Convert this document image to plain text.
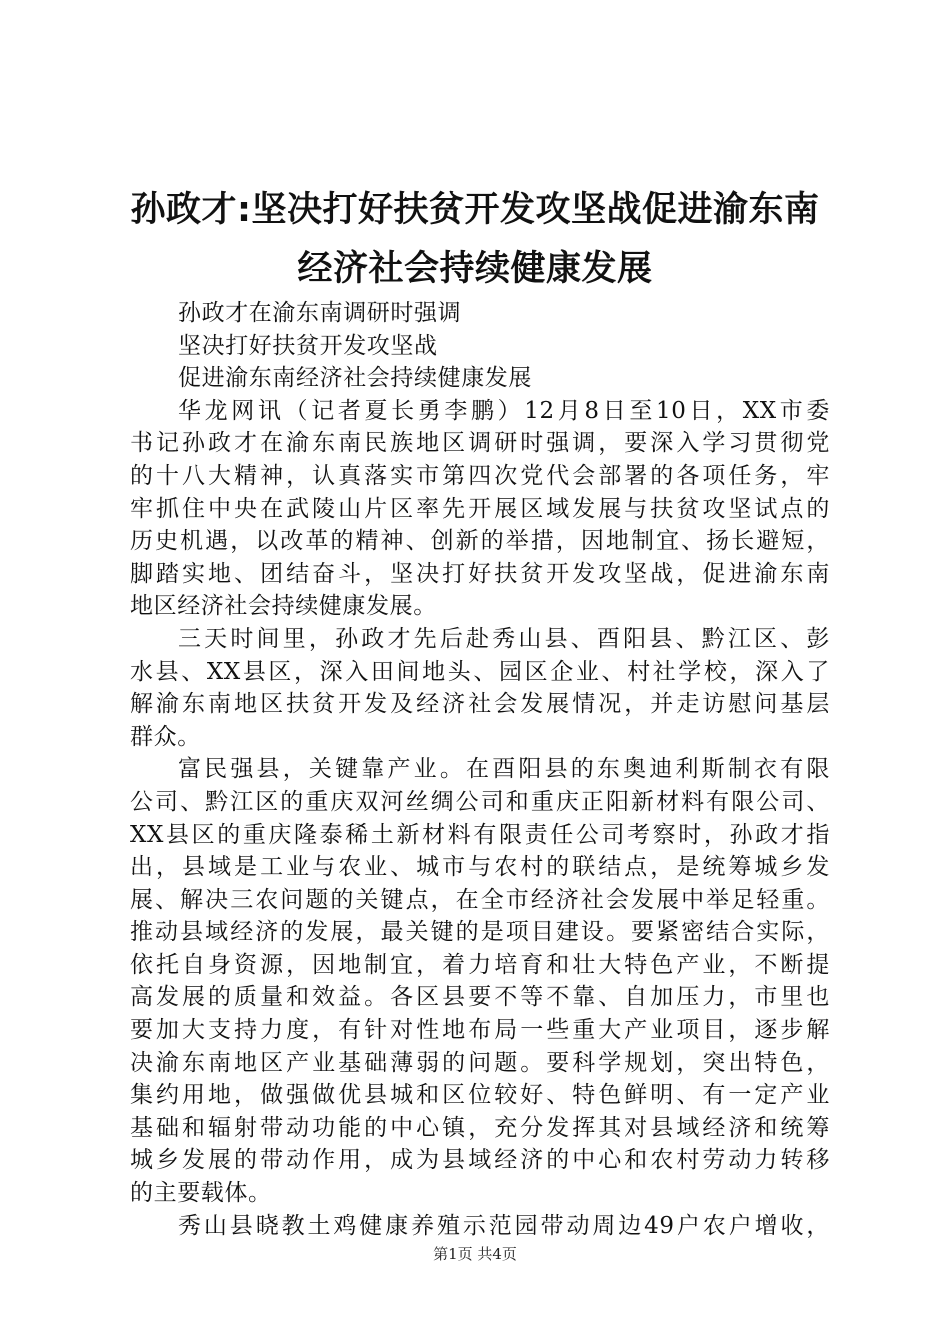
孙政才:坚决打好扶贫开发攻坚战促进渝东南
经济社会持续健康发展
孙政才在渝东南调研时强调
坚决打好扶贫开发攻坚战
促进渝东南经济社会持续健康发展
华龙网讯（记者夏长勇李鹏）12月8日至10日，XX市委
书记孙政才在渝东南民族地区调研时强调，要深入学习贯彻党
的十八大精神，认真落实市第四次党代会部署的各项任务，牢
牢抓住中央在武陵山片区率先开展区域发展与扶贫攻坚试点的
历史机遇，以改革的精神、创新的举措，因地制宜、扬长避短，
脚踏实地、团结奋斗，坚决打好扶贫开发攻坚战，促进渝东南
地区经济社会持续健康发展。
三天时间里，孙政才先后赴秀山县、酉阳县、黔江区、彭
水县、XX县区，深入田间地头、园区企业、村社学校，深入了
解渝东南地区扶贫开发及经济社会发展情况，并走访慰问基层
群众。
富民强县，关键靠产业。在酉阳县的东奥迪利斯制衣有限
公司、黔江区的重庆双河丝绸公司和重庆正阳新材料有限公司、
XX县区的重庆隆泰稀土新材料有限责任公司考察时，孙政才指
出，县域是工业与农业、城市与农村的联结点，是统筹城乡发
展、解决三农问题的关键点，在全市经济社会发展中举足轻重。
推动县域经济的发展，最关键的是项目建设。要紧密结合实际，
依托自身资源，因地制宜，着力培育和壮大特色产业，不断提
高发展的质量和效益。各区县要不等不靠、自加压力，市里也
要加大支持力度，有针对性地布局一些重大产业项目，逐步解
决渝东南地区产业基础薄弱的问题。要科学规划，突出特色，
集约用地，做强做优县城和区位较好、特色鲜明、有一定产业
基础和辐射带动功能的中心镇，充分发挥其对县域经济和统筹
城乡发展的带动作用，成为县域经济的中心和农村劳动力转移
的主要载体。
秀山县晓教土鸡健康养殖示范园带动周边49户农户增收，
第1页 共4页
